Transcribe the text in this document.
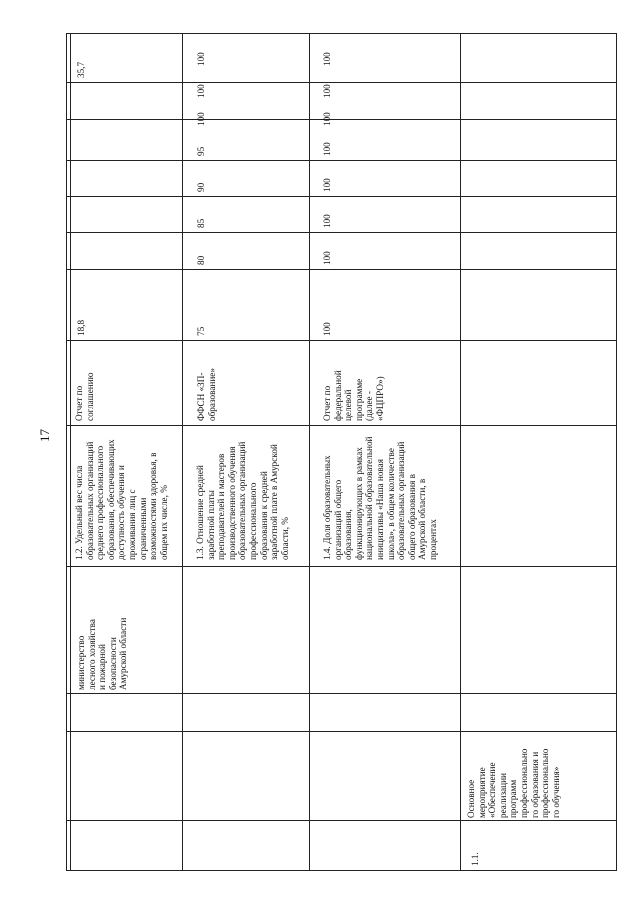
17
министерство лесного хозяйства и пожарной безопасности Амурской области
1.2. Удельный вес числа образовательных организаций среднего профессионального образования, обеспечивающих доступность обучения и проживания лиц с ограниченными возможностями здоровья, в общем их числе, %
Отчет по соглашению
18,8
35,7
1.3. Отношение средней заработной платы преподавателей и мастеров производственного обучения образовательных организаций профессионального образования к средней заработной плате в Амурской области, %
ФФСН «ЗП- образование»
75
80
85
90
95
100
100
100
1.4. Доля образовательных организаций общего образования, функционирующих в рамках национальной образовательной инициативы «Наша новая школа», в общем количестве образовательных организаций общего образования в Амурской области, в процентах
Отчет по федеральной целевой программе (далее - «ФЦПРО»)
100
100
100
100
100
100
100
100
1.1.
Основное мероприятие «Обеспечение реализации программ профессионально го образования и профессионально го обучения»
